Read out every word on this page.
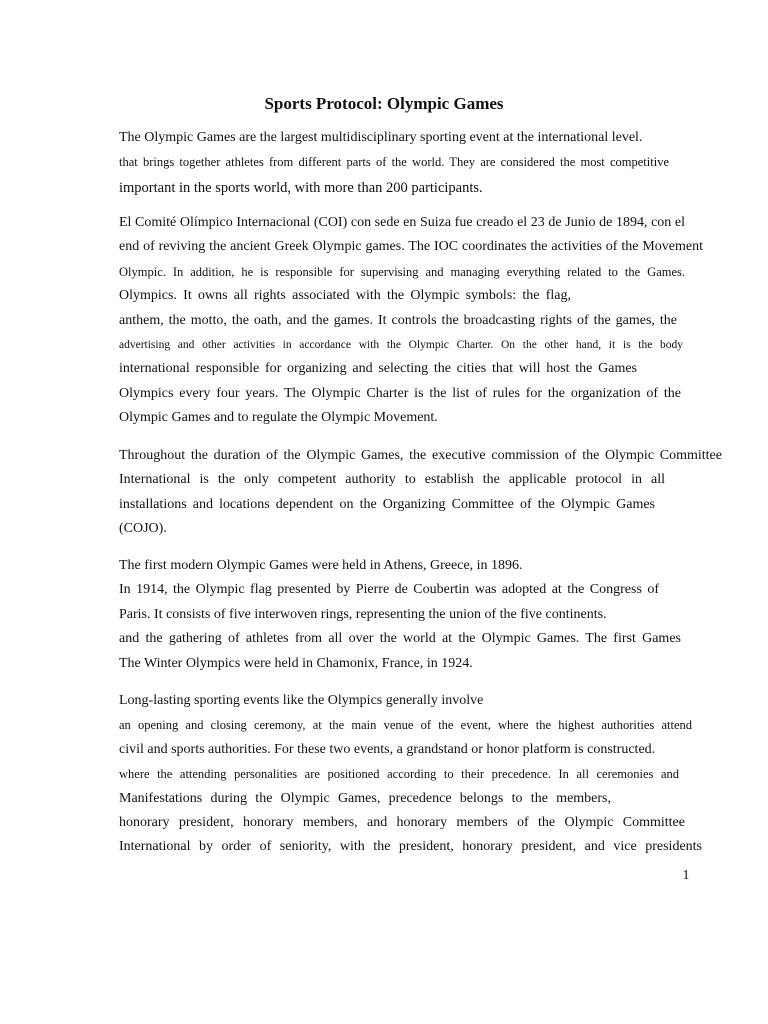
Sports Protocol: Olympic Games
The Olympic Games are the largest multidisciplinary sporting event at the international level.
that brings together athletes from different parts of the world. They are considered the most competitive
important in the sports world, with more than 200 participants.
El Comité Olímpico Internacional (COI) con sede en Suiza fue creado el 23 de Junio de 1894, con el
end of reviving the ancient Greek Olympic games. The IOC coordinates the activities of the Movement
Olympic. In addition, he is responsible for supervising and managing everything related to the Games.
Olympics. It owns all rights associated with the Olympic symbols: the flag,
anthem, the motto, the oath, and the games. It controls the broadcasting rights of the games, the
advertising and other activities in accordance with the Olympic Charter. On the other hand, it is the body
international responsible for organizing and selecting the cities that will host the Games
Olympics every four years. The Olympic Charter is the list of rules for the organization of the
Olympic Games and to regulate the Olympic Movement.
Throughout the duration of the Olympic Games, the executive commission of the Olympic Committee
International is the only competent authority to establish the applicable protocol in all
installations and locations dependent on the Organizing Committee of the Olympic Games
(COJO).
The first modern Olympic Games were held in Athens, Greece, in 1896.
In 1914, the Olympic flag presented by Pierre de Coubertin was adopted at the Congress of
Paris. It consists of five interwoven rings, representing the union of the five continents.
and the gathering of athletes from all over the world at the Olympic Games. The first Games
The Winter Olympics were held in Chamonix, France, in 1924.
Long-lasting sporting events like the Olympics generally involve
an opening and closing ceremony, at the main venue of the event, where the highest authorities attend
civil and sports authorities. For these two events, a grandstand or honor platform is constructed.
where the attending personalities are positioned according to their precedence. In all ceremonies and
Manifestations during the Olympic Games, precedence belongs to the members,
honorary president, honorary members, and honorary members of the Olympic Committee
International by order of seniority, with the president, honorary president, and vice presidents
1
